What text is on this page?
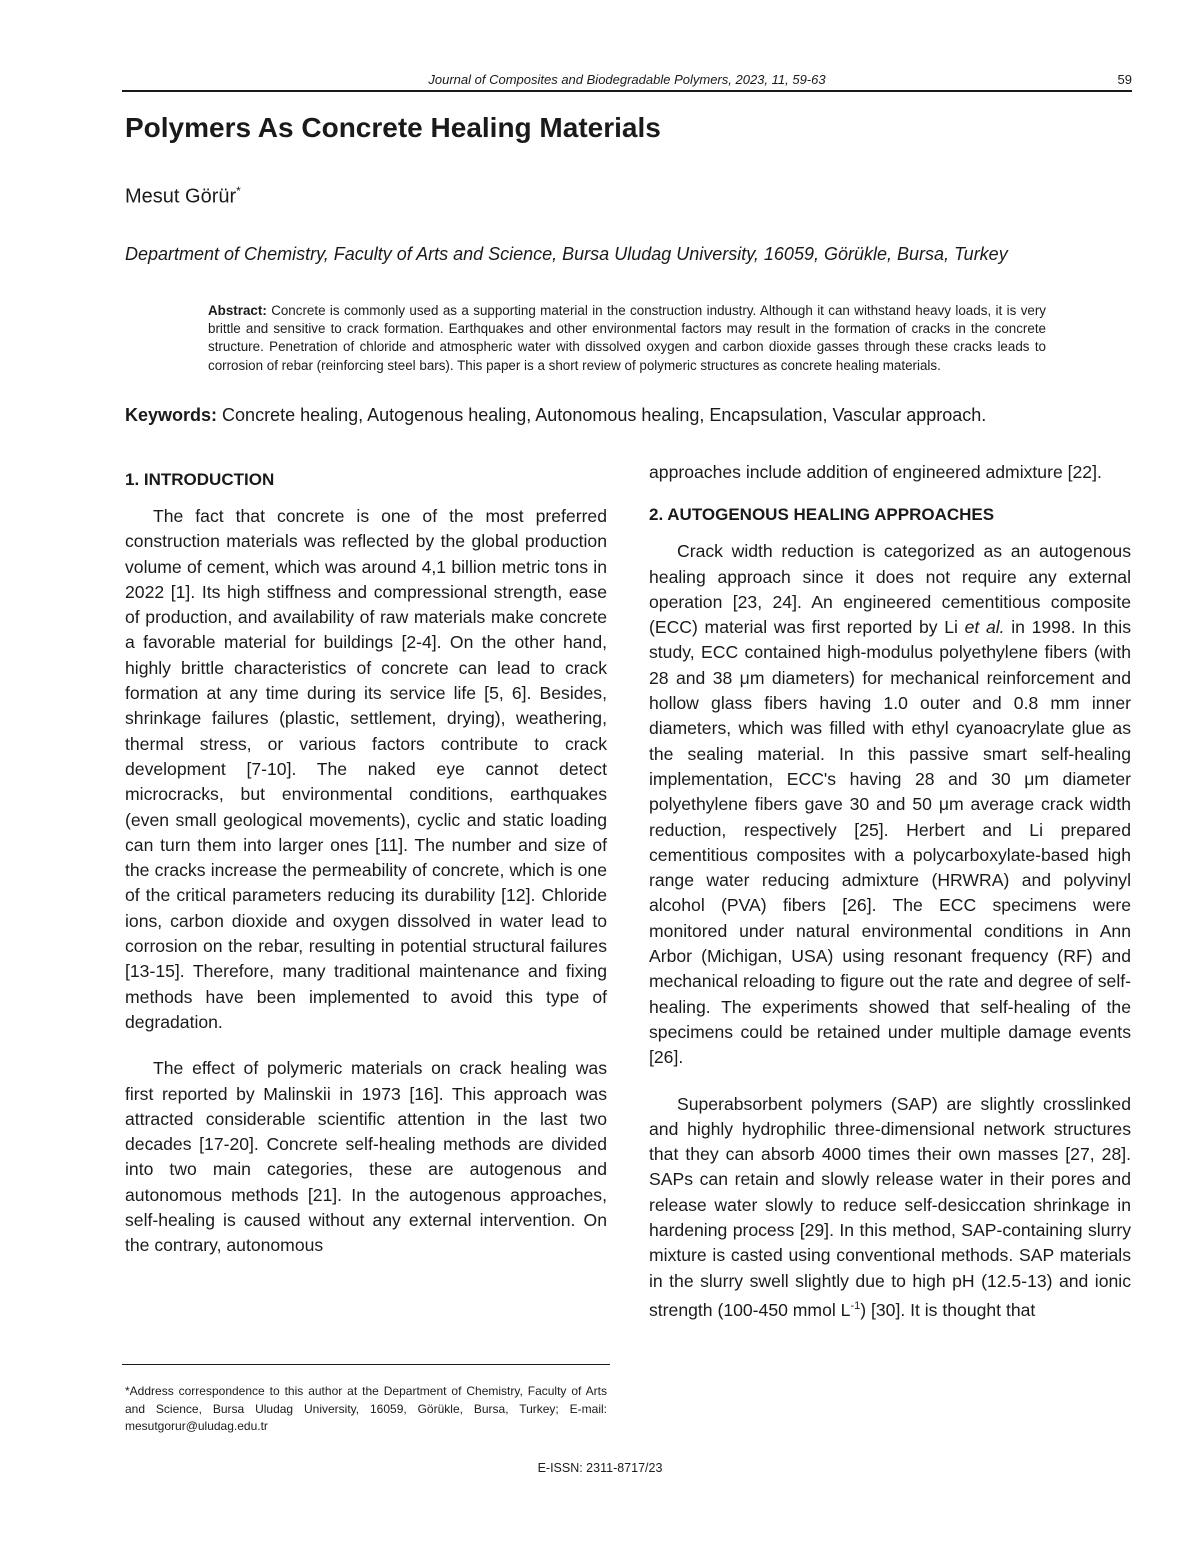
Journal of Composites and Biodegradable Polymers, 2023, 11, 59-63	59
Polymers As Concrete Healing Materials
Mesut Görür*
Department of Chemistry, Faculty of Arts and Science, Bursa Uludag University, 16059, Görükle, Bursa, Turkey
Abstract: Concrete is commonly used as a supporting material in the construction industry. Although it can withstand heavy loads, it is very brittle and sensitive to crack formation. Earthquakes and other environmental factors may result in the formation of cracks in the concrete structure. Penetration of chloride and atmospheric water with dissolved oxygen and carbon dioxide gasses through these cracks leads to corrosion of rebar (reinforcing steel bars). This paper is a short review of polymeric structures as concrete healing materials.
Keywords: Concrete healing, Autogenous healing, Autonomous healing, Encapsulation, Vascular approach.
1. INTRODUCTION

The fact that concrete is one of the most preferred construction materials was reflected by the global production volume of cement, which was around 4,1 billion metric tons in 2022 [1]. Its high stiffness and compressional strength, ease of production, and availability of raw materials make concrete a favorable material for buildings [2-4]. On the other hand, highly brittle characteristics of concrete can lead to crack formation at any time during its service life [5, 6]. Besides, shrinkage failures (plastic, settlement, drying), weathering, thermal stress, or various factors contribute to crack development [7-10]. The naked eye cannot detect microcracks, but environmental conditions, earthquakes (even small geological movements), cyclic and static loading can turn them into larger ones [11]. The number and size of the cracks increase the permeability of concrete, which is one of the critical parameters reducing its durability [12]. Chloride ions, carbon dioxide and oxygen dissolved in water lead to corrosion on the rebar, resulting in potential structural failures [13-15]. Therefore, many traditional maintenance and fixing methods have been implemented to avoid this type of degradation.

The effect of polymeric materials on crack healing was first reported by Malinskii in 1973 [16]. This approach was attracted considerable scientific attention in the last two decades [17-20]. Concrete self-healing methods are divided into two main categories, these are autogenous and autonomous methods [21]. In the autogenous approaches, self-healing is caused without any external intervention. On the contrary, autonomous

approaches include addition of engineered admixture [22].

2. AUTOGENOUS HEALING APPROACHES

Crack width reduction is categorized as an autogenous healing approach since it does not require any external operation [23, 24]. An engineered cementitious composite (ECC) material was first reported by Li et al. in 1998. In this study, ECC contained high-modulus polyethylene fibers (with 28 and 38 μm diameters) for mechanical reinforcement and hollow glass fibers having 1.0 outer and 0.8 mm inner diameters, which was filled with ethyl cyanoacrylate glue as the sealing material. In this passive smart self-healing implementation, ECC's having 28 and 30 μm diameter polyethylene fibers gave 30 and 50 μm average crack width reduction, respectively [25]. Herbert and Li prepared cementitious composites with a polycarboxylate-based high range water reducing admixture (HRWRA) and polyvinyl alcohol (PVA) fibers [26]. The ECC specimens were monitored under natural environmental conditions in Ann Arbor (Michigan, USA) using resonant frequency (RF) and mechanical reloading to figure out the rate and degree of self-healing. The experiments showed that self-healing of the specimens could be retained under multiple damage events [26].

Superabsorbent polymers (SAP) are slightly crosslinked and highly hydrophilic three-dimensional network structures that they can absorb 4000 times their own masses [27, 28]. SAPs can retain and slowly release water in their pores and release water slowly to reduce self-desiccation shrinkage in hardening process [29]. In this method, SAP-containing slurry mixture is casted using conventional methods. SAP materials in the slurry swell slightly due to high pH (12.5-13) and ionic strength (100-450 mmol $L^{-1}$) [30]. It is thought that

*Address correspondence to this author at the Department of Chemistry, Faculty of Arts and Science, Bursa Uludag University, 16059, Görükle, Bursa, Turkey; E-mail: mesutgorur@uludag.edu.tr
E-ISSN: 2311-8717/23
